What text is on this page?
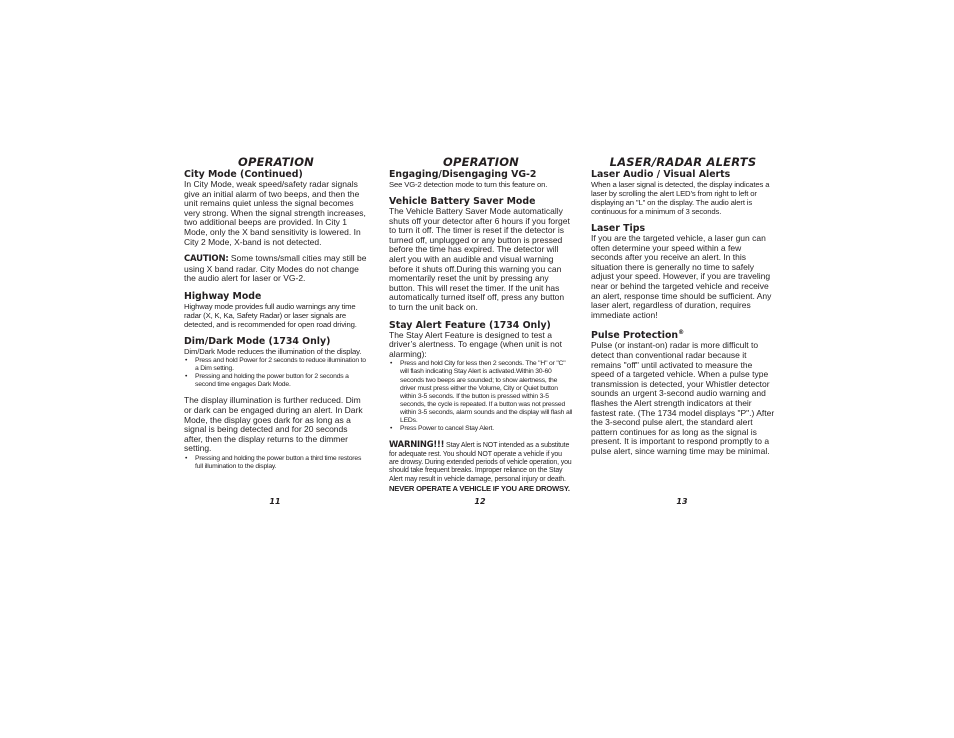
OPERATION
City Mode (Continued)

In City Mode, weak speed/safety radar signals give an initial alarm of two beeps, and then the unit remains quiet unless the signal becomes very strong. When the signal strength increases, two additional beeps are provided. In City 1 Mode, only the X band sensitivity is lowered. In City 2 Mode, X-band is not detected.

CAUTION: Some towns/small cities may still be using X band radar. City Modes do not change the audio alert for laser or VG-2.

Highway Mode

Highway mode provides full audio warnings any time radar (X, K, Ka, Safety Radar) or laser signals are detected, and is recommended for open road driving.

Dim/Dark Mode (1734 Only)

Dim/Dark Mode reduces the illumination of the display.

• Press and hold Power for 2 seconds to reduce illumination to a Dim setting.
• Pressing and holding the power button for 2 seconds a second time engages Dark Mode.

The display illumination is further reduced. Dim or dark can be engaged during an alert. In Dark Mode, the display goes dark for as long as a signal is being detected and for 20 seconds after, then the display returns to the dimmer setting.

• Pressing and holding the power button a third time restores full illumination to the display.
OPERATION
Engaging/Disengaging VG-2

See VG-2 detection mode to turn this feature on.

Vehicle Battery Saver Mode

The Vehicle Battery Saver Mode automatically shuts off your detector after 6 hours if you forget to turn it off. The timer is reset if the detector is turned off, unplugged or any button is pressed before the time has expired. The detector will alert you with an audible and visual warning before it shuts off.During this warning you can momentarily reset the unit by pressing any button. This will reset the timer. If the unit has automatically turned itself off, press any button to turn the unit back on.

Stay Alert Feature (1734 Only)

The Stay Alert Feature is designed to test a driver’s alertness. To engage (when unit is not alarming):

• Press and hold City for less then 2 seconds. The "H" or "C" will flash indicating Stay Alert is activated.Within 30-60 seconds two beeps are sounded; to show alertness, the driver must press either the Volume, City or Quiet button within 3-5 seconds. If the button is pressed within 3-5 seconds, the cycle is repeated. If a button was not pressed within 3-5 seconds, alarm sounds and the display will flash all LEDs.
• Press Power to cancel Stay Alert.

WARNING!!! Stay Alert is NOT intended as a substitute for adequate rest. You should NOT operate a vehicle if you are drowsy. During extended periods of vehicle operation, you should take frequent breaks. Improper reliance on the Stay Alert may result in vehicle damage, personal injury or death.

NEVER OPERATE A VEHICLE IF YOU ARE DROWSY.
LASER/RADAR ALERTS
Laser Audio / Visual Alerts

When a laser signal is detected, the display indicates a laser by scrolling the alert LED’s from right to left or displaying an "L" on the display. The audio alert is continuous for a minimum of 3 seconds.

Laser Tips

If you are the targeted vehicle, a laser gun can often determine your speed within a few seconds after you receive an alert. In this situation there is generally no time to safely adjust your speed. However, if you are traveling near or behind the targeted vehicle and receive an alert, response time should be sufficient. Any laser alert, regardless of duration, requires immediate action!

Pulse Protection®

Pulse (or instant-on) radar is more difficult to detect than conventional radar because it remains "off" until activated to measure the speed of a targeted vehicle. When a pulse type transmission is detected, your Whistler detector sounds an urgent 3-second audio warning and flashes the Alert strength indicators at their fastest rate. (The 1734 model displays "P".) After the 3-second pulse alert, the standard alert pattern continues for as long as the signal is present. It is important to respond promptly to a pulse alert, since warning time may be minimal.

11	12	13
